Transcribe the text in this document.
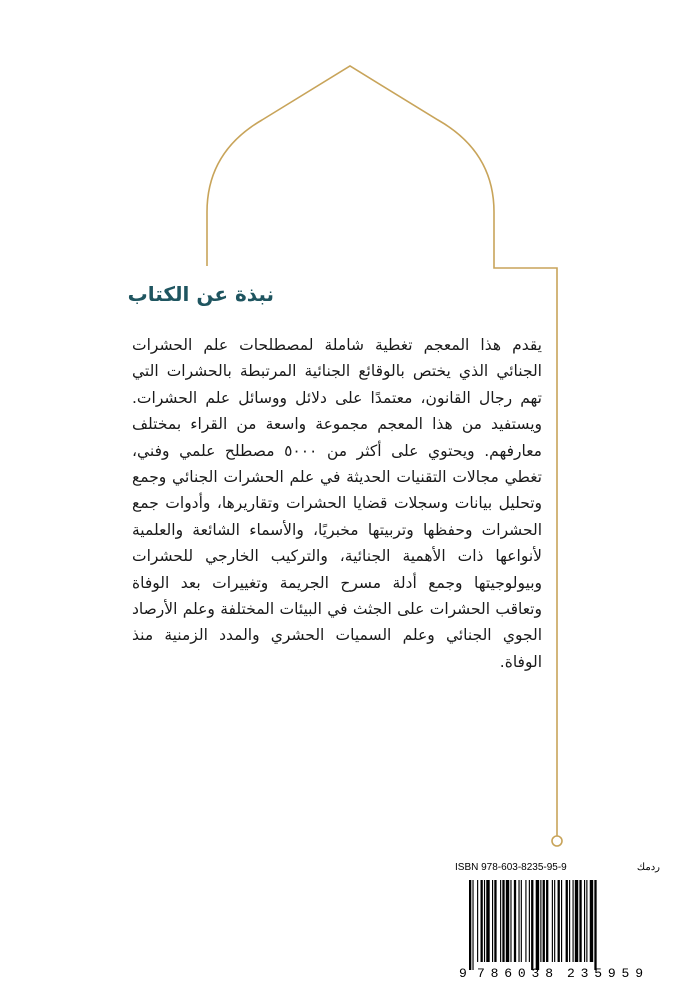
نبذة عن الكتاب

يقدم هذا المعجم تغطية شاملة لمصطلحات علم الحشرات الجنائي الذي يختص بالوقائع الجنائية المرتبطة بالحشرات التي تهم رجال القانون، معتمدًا على دلائل ووسائل علم الحشرات. ويستفيد من هذا المعجم مجموعة واسعة من القراء بمختلف معارفهم. ويحتوي على أكثر من ٥٠٠٠ مصطلح علمي وفني، تغطي مجالات التقنيات الحديثة في علم الحشرات الجنائي وجمع وتحليل بيانات وسجلات قضايا الحشرات وتقاريرها، وأدوات جمع الحشرات وحفظها وتربيتها مخبريًا، والأسماء الشائعة والعلمية لأنواعها ذات الأهمية الجنائية، والتركيب الخارجي للحشرات وبيولوجيتها وجمع أدلة مسرح الجريمة وتغييرات بعد الوفاة وتعاقب الحشرات على الجثث في البيئات المختلفة وعلم الأرصاد الجوي الجنائي وعلم السميات الحشري والمدد الزمنية منذ الوفاة.

ISBN 978-603-8235-95-9	ردمك
9 786038 235959
